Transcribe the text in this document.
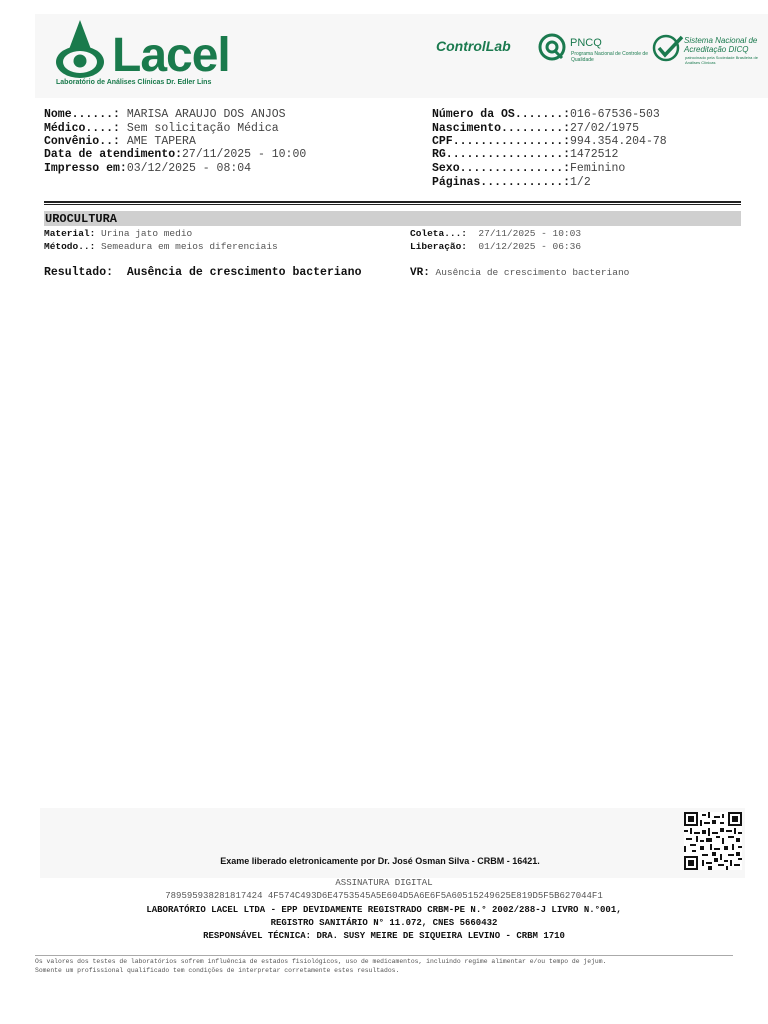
Lacel
Laboratório de Análises Clínicas Dr. Edler Lins
ControlLab	PNCQ
Programa Nacional de Controle de Qualidade
Sistema Nacional de Acreditação DICQ
patrocinado pela Sociedade Brasileira de Análises Clínicas
Nome......: MARISA ARAUJO DOS ANJOS
Médico....: Sem solicitação Médica
Convênio..: AME TAPERA
Data de atendimento:27/11/2025 - 10:00
Impresso em:03/12/2025 - 08:04
Número da OS.......:016-67536-503
Nascimento.........:27/02/1975
CPF................:994.354.204-78
RG.................:1472512
Sexo...............:Feminino
Páginas............:1/2
UROCULTURA
Material: Urina jato medio
Método..: Semeadura em meios diferenciais
Coleta...: 27/11/2025 - 10:03
Liberação: 01/12/2025 - 06:36
Resultado: Ausência de crescimento bacteriano	VR: Ausência de crescimento bacteriano
Exame liberado eletronicamente por Dr. José Osman Silva - CRBM - 16421.
ASSINATURA DIGITAL
789595938281817424 4F574C493D6E4753545A5E604D5A6E6F5A60515249625E819D5F5B627044F1
LABORATÓRIO LACEL LTDA - EPP DEVIDAMENTE REGISTRADO CRBM-PE N.° 2002/288-J LIVRO N.°001,
REGISTRO SANITÁRIO N° 11.072, CNES 5660432
RESPONSÁVEL TÉCNICA: DRA. SUSY MEIRE DE SIQUEIRA LEVINO - CRBM 1710
Os valores dos testes de laboratórios sofrem influência de estados fisiológicos, uso de medicamentos, incluindo regime alimentar e/ou tempo de jejum.
Somente um profissional qualificado tem condições de interpretar corretamente estes resultados.
